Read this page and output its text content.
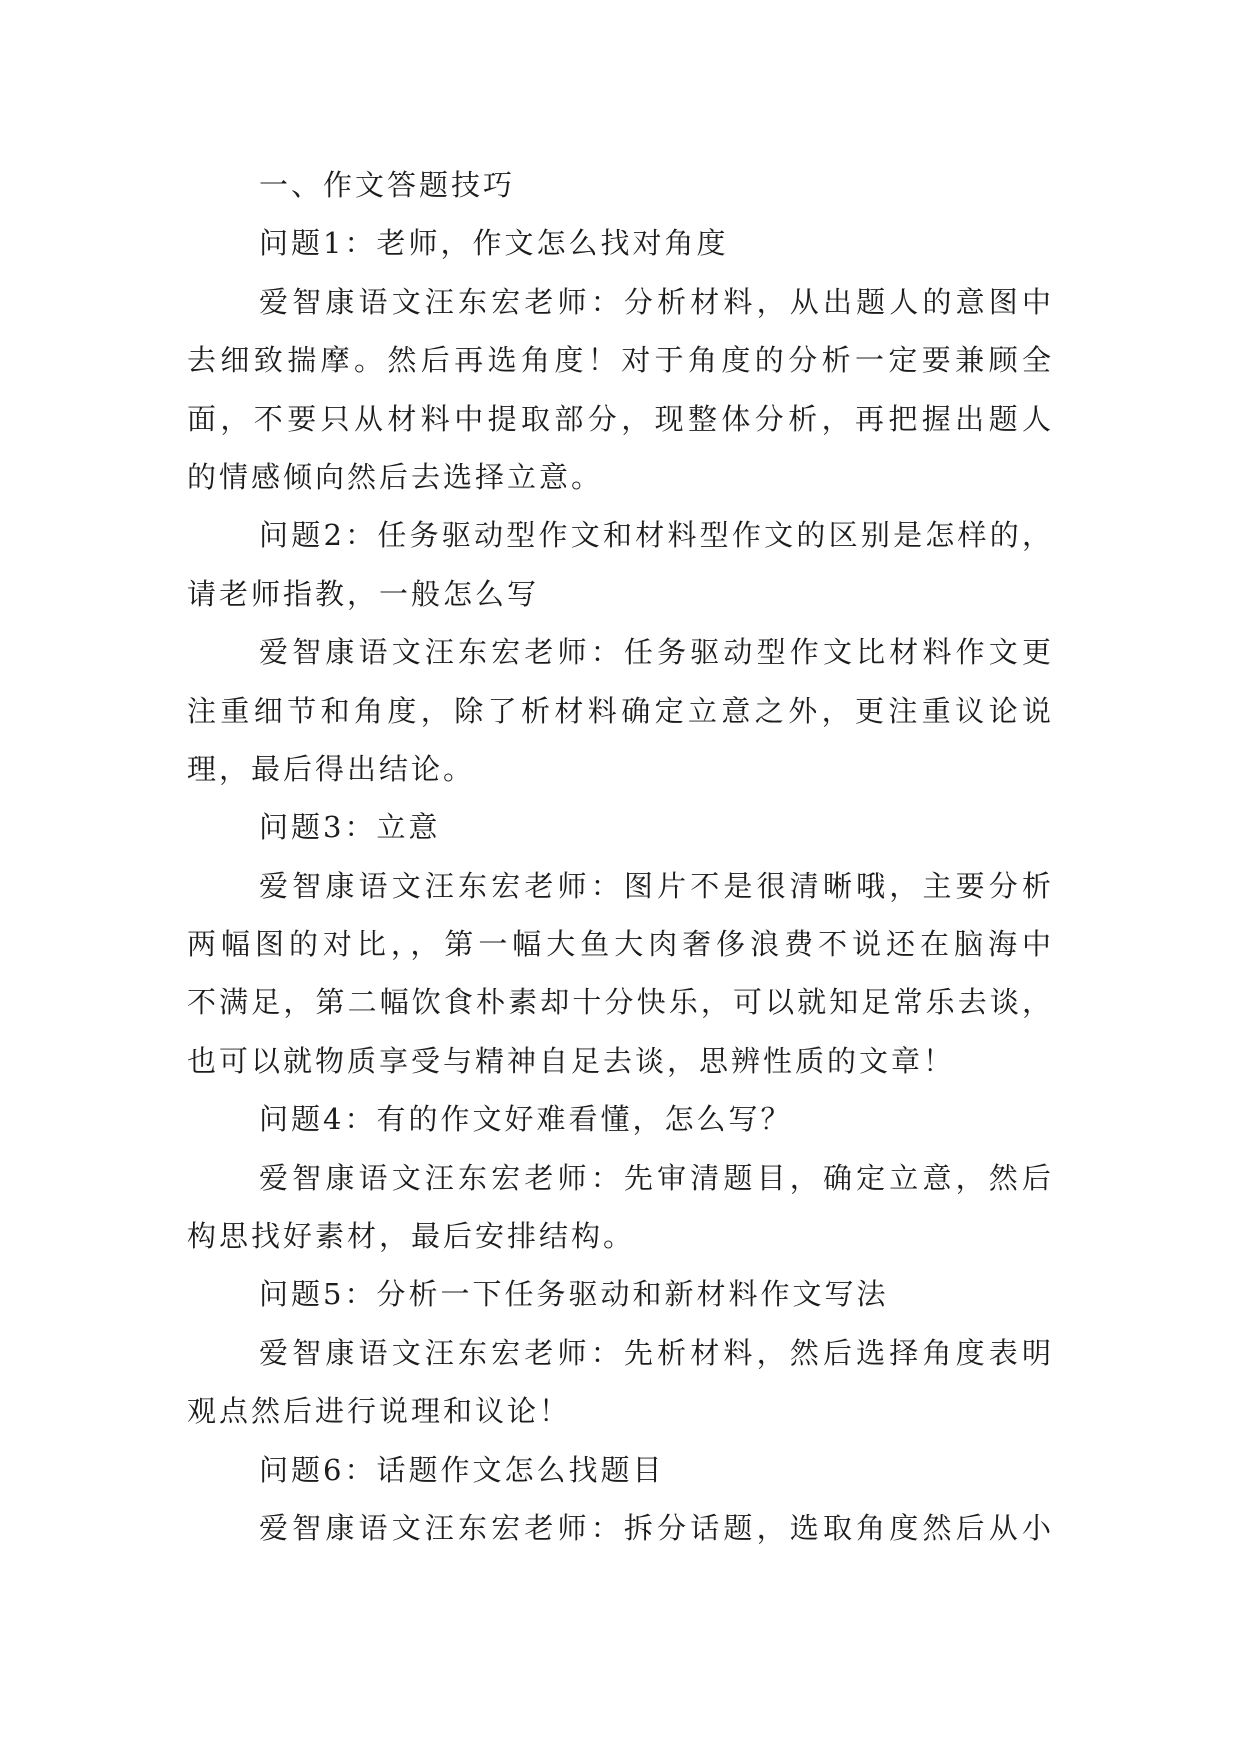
一、作文答题技巧
问题1：老师，作文怎么找对角度
爱智康语文汪东宏老师：分析材料，从出题人的意图中
去细致揣摩。然后再选角度！对于角度的分析一定要兼顾全
面，不要只从材料中提取部分，现整体分析，再把握出题人
的情感倾向然后去选择立意。
问题2：任务驱动型作文和材料型作文的区别是怎样的，
请老师指教，一般怎么写
爱智康语文汪东宏老师：任务驱动型作文比材料作文更
注重细节和角度，除了析材料确定立意之外，更注重议论说
理，最后得出结论。
问题3：立意
爱智康语文汪东宏老师：图片不是很清晰哦，主要分析
两幅图的对比，，第一幅大鱼大肉奢侈浪费不说还在脑海中
不满足，第二幅饮食朴素却十分快乐，可以就知足常乐去谈，
也可以就物质享受与精神自足去谈，思辨性质的文章！
问题4：有的作文好难看懂，怎么写？
爱智康语文汪东宏老师：先审清题目，确定立意，然后
构思找好素材，最后安排结构。
问题5：分析一下任务驱动和新材料作文写法
爱智康语文汪东宏老师：先析材料，然后选择角度表明
观点然后进行说理和议论！
问题6：话题作文怎么找题目
爱智康语文汪东宏老师：拆分话题，选取角度然后从小
